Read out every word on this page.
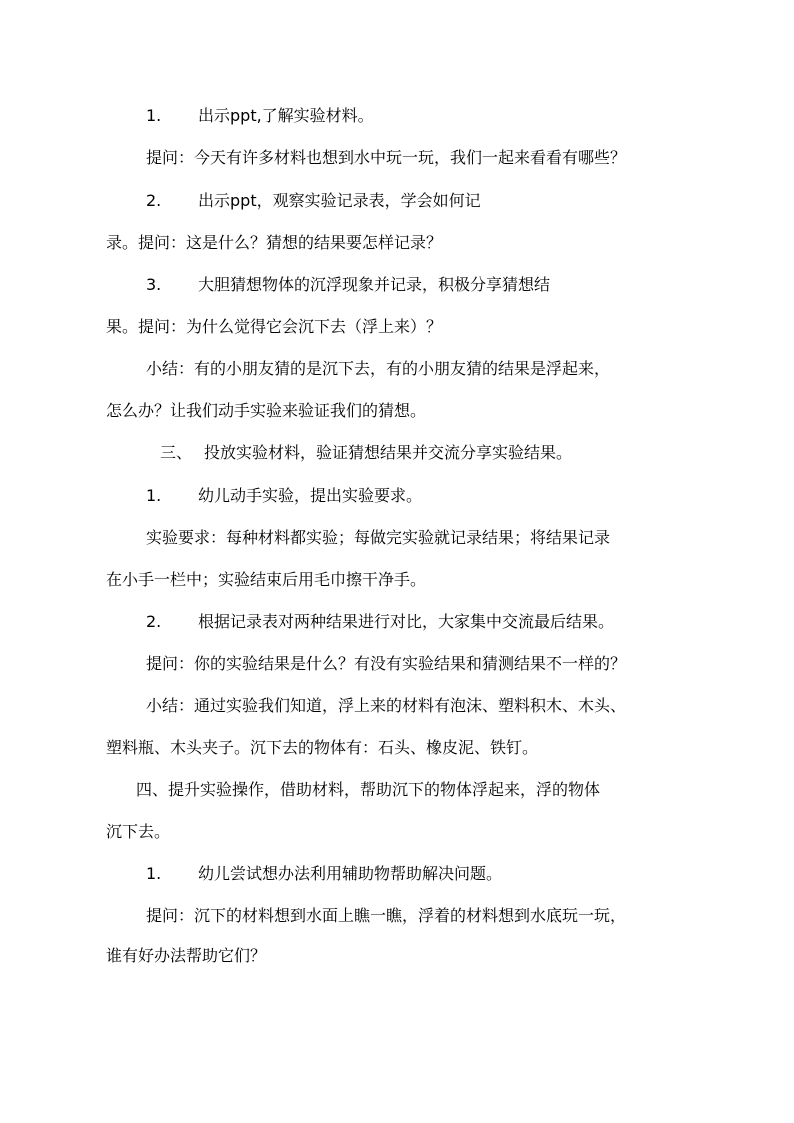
1. 出示ppt,了解实验材料。

提问：今天有许多材料也想到水中玩一玩，我们一起来看看有哪些？

2. 出示ppt，观察实验记录表，学会如何记

录。提问：这是什么？猜想的结果要怎样记录？

3. 大胆猜想物体的沉浮现象并记录，积极分享猜想结

果。提问：为什么觉得它会沉下去（浮上来）？

小结：有的小朋友猜的是沉下去，有的小朋友猜的结果是浮起来，

怎么办？让我们动手实验来验证我们的猜想。

三、 投放实验材料，验证猜想结果并交流分享实验结果。
1. 幼儿动手实验，提出实验要求。

实验要求：每种材料都实验；每做完实验就记录结果；将结果记录

在小手一栏中；实验结束后用毛巾擦干净手。

2. 根据记录表对两种结果进行对比，大家集中交流最后结果。

提问：你的实验结果是什么？有没有实验结果和猜测结果不一样的？

小结：通过实验我们知道，浮上来的材料有泡沫、塑料积木、木头、

塑料瓶、木头夹子。沉下去的物体有：石头、橡皮泥、铁钉。

四、提升实验操作，借助材料，帮助沉下的物体浮起来，浮的物体

沉下去。

1. 幼儿尝试想办法利用辅助物帮助解决问题。

提问：沉下的材料想到水面上瞧一瞧，浮着的材料想到水底玩一玩，

谁有好办法帮助它们？
